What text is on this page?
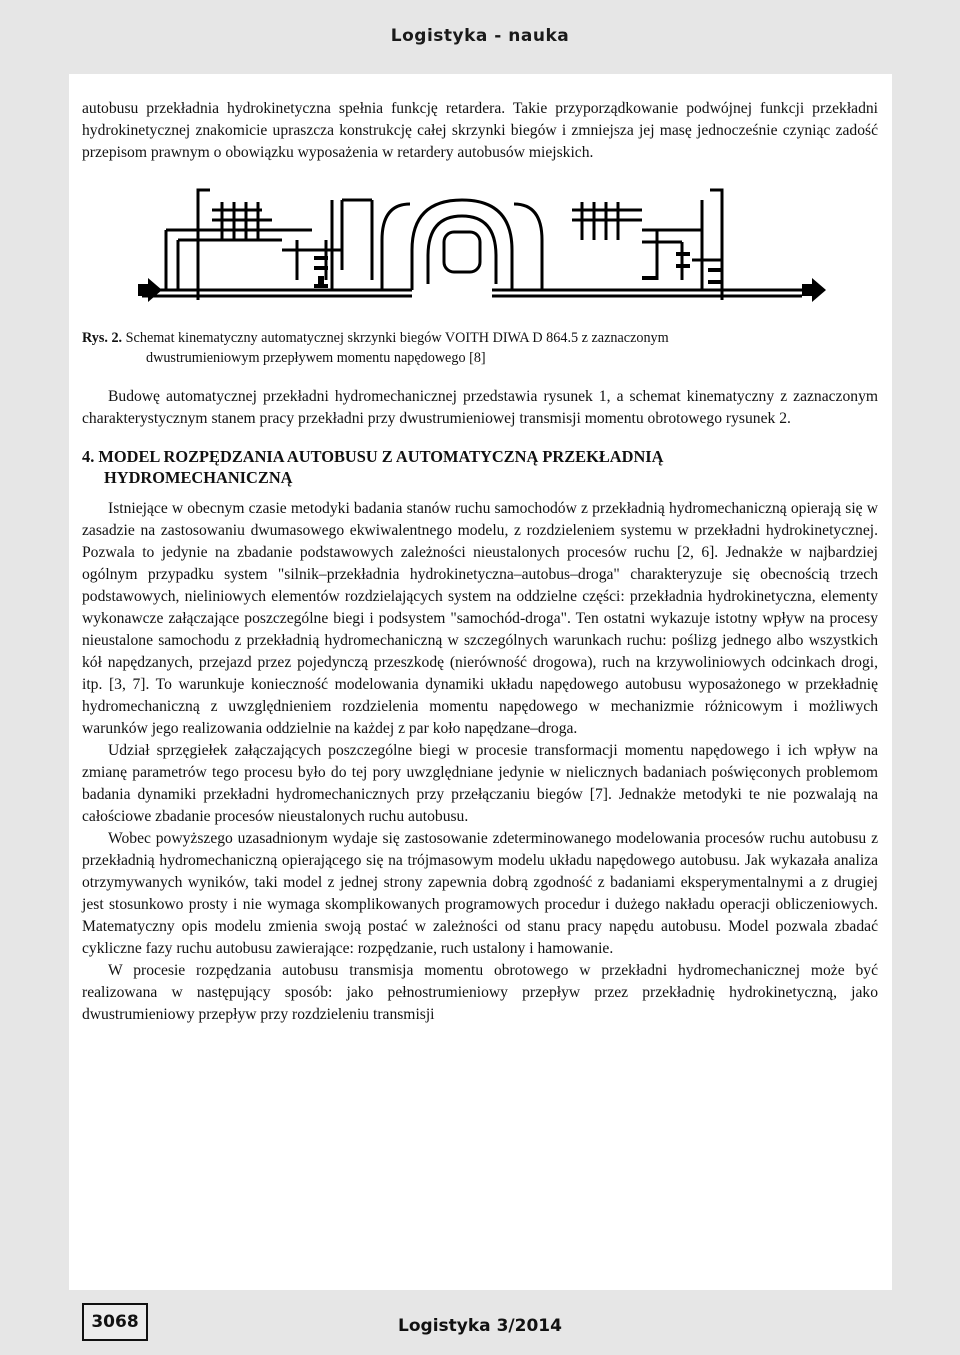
Logistyka - nauka

autobusu przekładnia hydrokinetyczna spełnia funkcję retardera. Takie przyporządkowanie podwójnej funkcji przekładni hydrokinetycznej znakomicie upraszcza konstrukcję całej skrzynki biegów i zmniejsza jej masę jednocześnie czyniąc zadość przepisom prawnym o obowiązku wyposażenia w retardery autobusów miejskich.

Rys. 2. Schemat kinematyczny automatycznej skrzynki biegów VOITH DIWA D 864.5 z zaznaczonym
dwustrumieniowym przepływem momentu napędowego [8]

Budowę automatycznej przekładni hydromechanicznej przedstawia rysunek 1, a schemat kinematyczny z zaznaczonym charakterystycznym stanem pracy przekładni przy dwustrumieniowej transmisji momentu obrotowego rysunek 2.

4. MODEL ROZPĘDZANIA AUTOBUSU Z AUTOMATYCZNĄ PRZEKŁADNIĄ
HYDROMECHANICZNĄ

Istniejące w obecnym czasie metodyki badania stanów ruchu samochodów z przekładnią hydromechaniczną opierają się w zasadzie na zastosowaniu dwumasowego ekwiwalentnego modelu, z rozdzieleniem systemu w przekładni hydrokinetycznej. Pozwala to jedynie na zbadanie podstawowych zależności nieustalonych procesów ruchu [2, 6]. Jednakże w najbardziej ogólnym przypadku system "silnik–przekładnia hydrokinetyczna–autobus–droga" charakteryzuje się obecnością trzech podstawowych, nieliniowych elementów rozdzielających system na oddzielne części: przekładnia hydrokinetyczna, elementy wykonawcze załączające poszczególne biegi i podsystem "samochód-droga". Ten ostatni wykazuje istotny wpływ na procesy nieustalone samochodu z przekładnią hydromechaniczną w szczególnych warunkach ruchu: poślizg jednego albo wszystkich kół napędzanych, przejazd przez pojedynczą przeszkodę (nierówność drogowa), ruch na krzywoliniowych odcinkach drogi, itp. [3, 7]. To warunkuje konieczność modelowania dynamiki układu napędowego autobusu wyposażonego w przekładnię hydromechaniczną z uwzględnieniem rozdzielenia momentu napędowego w mechanizmie różnicowym i możliwych warunków jego realizowania oddzielnie na każdej z par koło napędzane–droga.

Udział sprzęgiełek załączających poszczególne biegi w procesie transformacji momentu napędowego i ich wpływ na zmianę parametrów tego procesu było do tej pory uwzględniane jedynie w nielicznych badaniach poświęconych problemom badania dynamiki przekładni hydromechanicznych przy przełączaniu biegów [7]. Jednakże metodyki te nie pozwalają na całościowe zbadanie procesów nieustalonych ruchu autobusu.

Wobec powyższego uzasadnionym wydaje się zastosowanie zdeterminowanego modelowania procesów ruchu autobusu z przekładnią hydromechaniczną opierającego się na trójmasowym modelu układu napędowego autobusu. Jak wykazała analiza otrzymywanych wyników, taki model z jednej strony zapewnia dobrą zgodność z badaniami eksperymentalnymi a z drugiej jest stosunkowo prosty i nie wymaga skomplikowanych programowych procedur i dużego nakładu operacji obliczeniowych. Matematyczny opis modelu zmienia swoją postać w zależności od stanu pracy napędu autobusu. Model pozwala zbadać cykliczne fazy ruchu autobusu zawierające: rozpędzanie, ruch ustalony i hamowanie.

W procesie rozpędzania autobusu transmisja momentu obrotowego w przekładni hydromechanicznej może być realizowana w następujący sposób: jako pełnostrumieniowy przepływ przez przekładnię hydrokinetyczną, jako dwustrumieniowy przepływ przy rozdzieleniu transmisji

3068	Logistyka 3/2014
